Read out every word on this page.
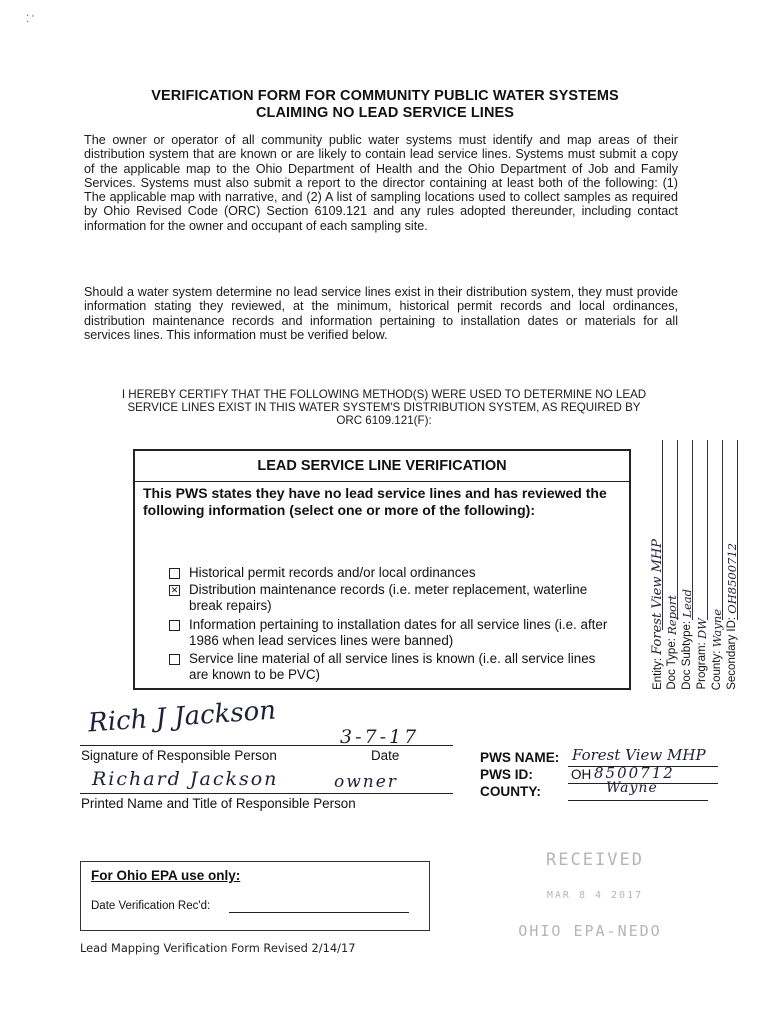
⁚ ʹ
VERIFICATION FORM FOR COMMUNITY PUBLIC WATER SYSTEMS
CLAIMING NO LEAD SERVICE LINES
The owner or operator of all community public water systems must identify and map areas of their distribution system that are known or are likely to contain lead service lines. Systems must submit a copy of the applicable map to the Ohio Department of Health and the Ohio Department of Job and Family Services. Systems must also submit a report to the director containing at least both of the following: (1) The applicable map with narrative, and (2) A list of sampling locations used to collect samples as required by Ohio Revised Code (ORC) Section 6109.121 and any rules adopted thereunder, including contact information for the owner and occupant of each sampling site.
Should a water system determine no lead service lines exist in their distribution system, they must provide information stating they reviewed, at the minimum, historical permit records and local ordinances, distribution maintenance records and information pertaining to installation dates or materials for all services lines. This information must be verified below.
I HEREBY CERTIFY THAT THE FOLLOWING METHOD(S) WERE USED TO DETERMINE NO LEAD
SERVICE LINES EXIST IN THIS WATER SYSTEM'S DISTRIBUTION SYSTEM, AS REQUIRED BY
ORC 6109.121(F):
LEAD SERVICE LINE VERIFICATION
This PWS states they have no lead service lines and has reviewed the following information (select one or more of the following):
Historical permit records and/or local ordinances
✕ Distribution maintenance records (i.e. meter replacement, waterline break repairs)
Information pertaining to installation dates for all service lines (i.e. after 1986 when lead services lines were banned)
Service line material of all service lines is known (i.e. all service lines are known to be PVC)	Entity: Forest View MHP
Doc Type: Report
Doc Subtype: Lead
Program: DW
County: Wayne Secondary ID: OH8500712
Rich J Jackson	3-7-17
Signature of Responsible Person	Date
Richard Jackson	owner
Printed Name and Title of Responsible Person
PWS NAME: Forest View MHP
PWS ID:	OH 8500712
COUNTY:	Wayne
For Ohio EPA use only:
Date Verification Rec'd:
RECEIVED
MAR 8 4 2017
OHIO EPA-NEDO
Lead Mapping Verification Form Revised 2/14/17
